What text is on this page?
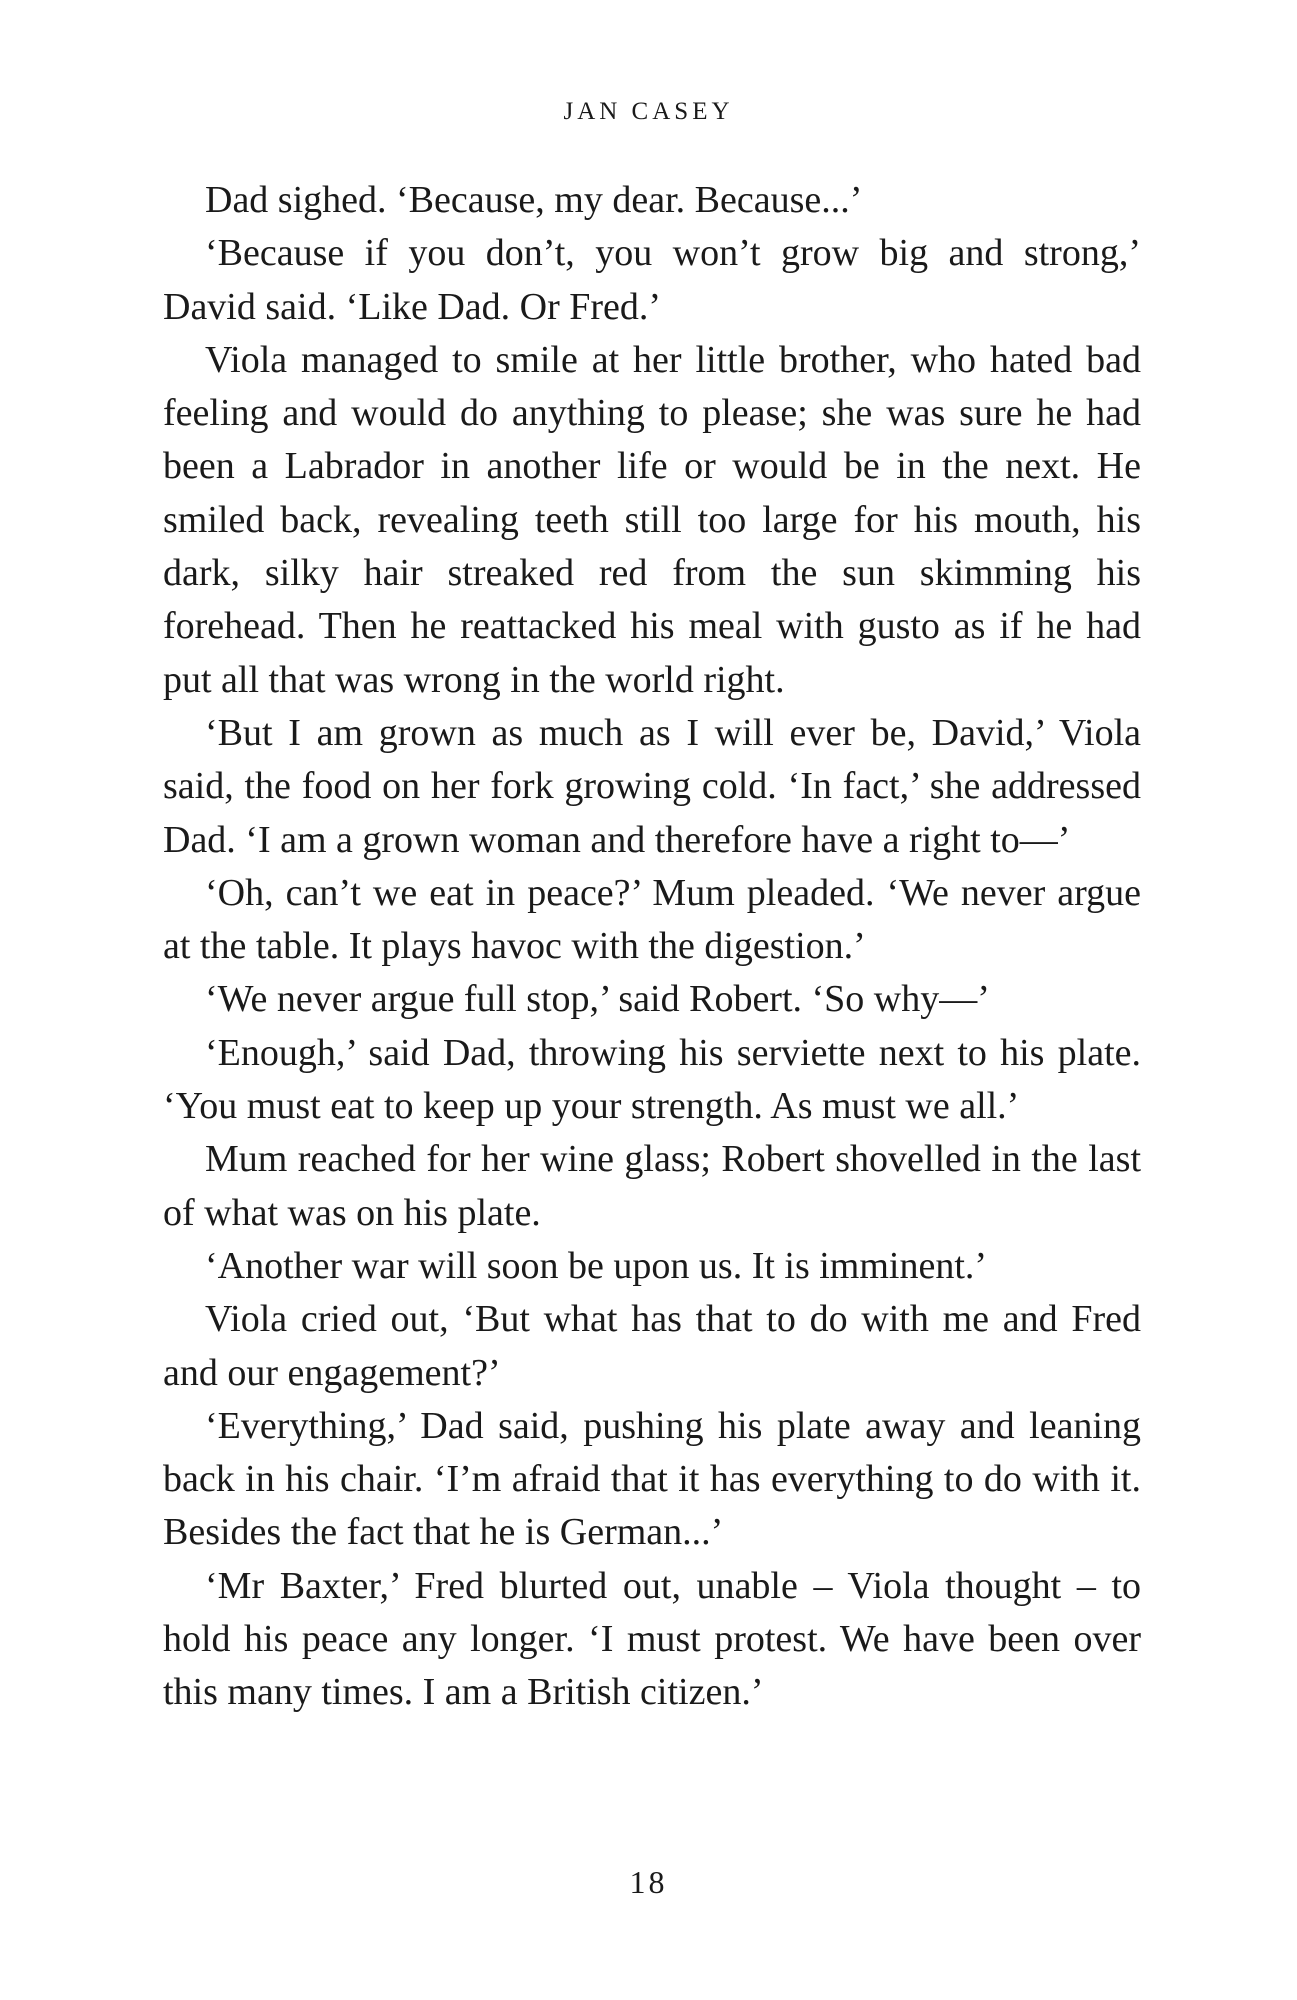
JAN CASEY

Dad sighed. ‘Because, my dear. Because...’

‘Because if you don’t, you won’t grow big and strong,’ David said. ‘Like Dad. Or Fred.’

Viola managed to smile at her little brother, who hated bad feeling and would do anything to please; she was sure he had been a Labrador in another life or would be in the next. He smiled back, revealing teeth still too large for his mouth, his dark, silky hair streaked red from the sun skimming his forehead. Then he reattacked his meal with gusto as if he had put all that was wrong in the world right.

‘But I am grown as much as I will ever be, David,’ Viola said, the food on her fork growing cold. ‘In fact,’ she addressed Dad. ‘I am a grown woman and therefore have a right to—’

‘Oh, can’t we eat in peace?’ Mum pleaded. ‘We never argue at the table. It plays havoc with the digestion.’

‘We never argue full stop,’ said Robert. ‘So why—’

‘Enough,’ said Dad, throwing his serviette next to his plate. ‘You must eat to keep up your strength. As must we all.’

Mum reached for her wine glass; Robert shovelled in the last of what was on his plate.

‘Another war will soon be upon us. It is imminent.’

Viola cried out, ‘But what has that to do with me and Fred and our engagement?’

‘Everything,’ Dad said, pushing his plate away and leaning back in his chair. ‘I’m afraid that it has everything to do with it. Besides the fact that he is German...’

‘Mr Baxter,’ Fred blurted out, unable – Viola thought – to hold his peace any longer. ‘I must protest. We have been over this many times. I am a British citizen.’

18
